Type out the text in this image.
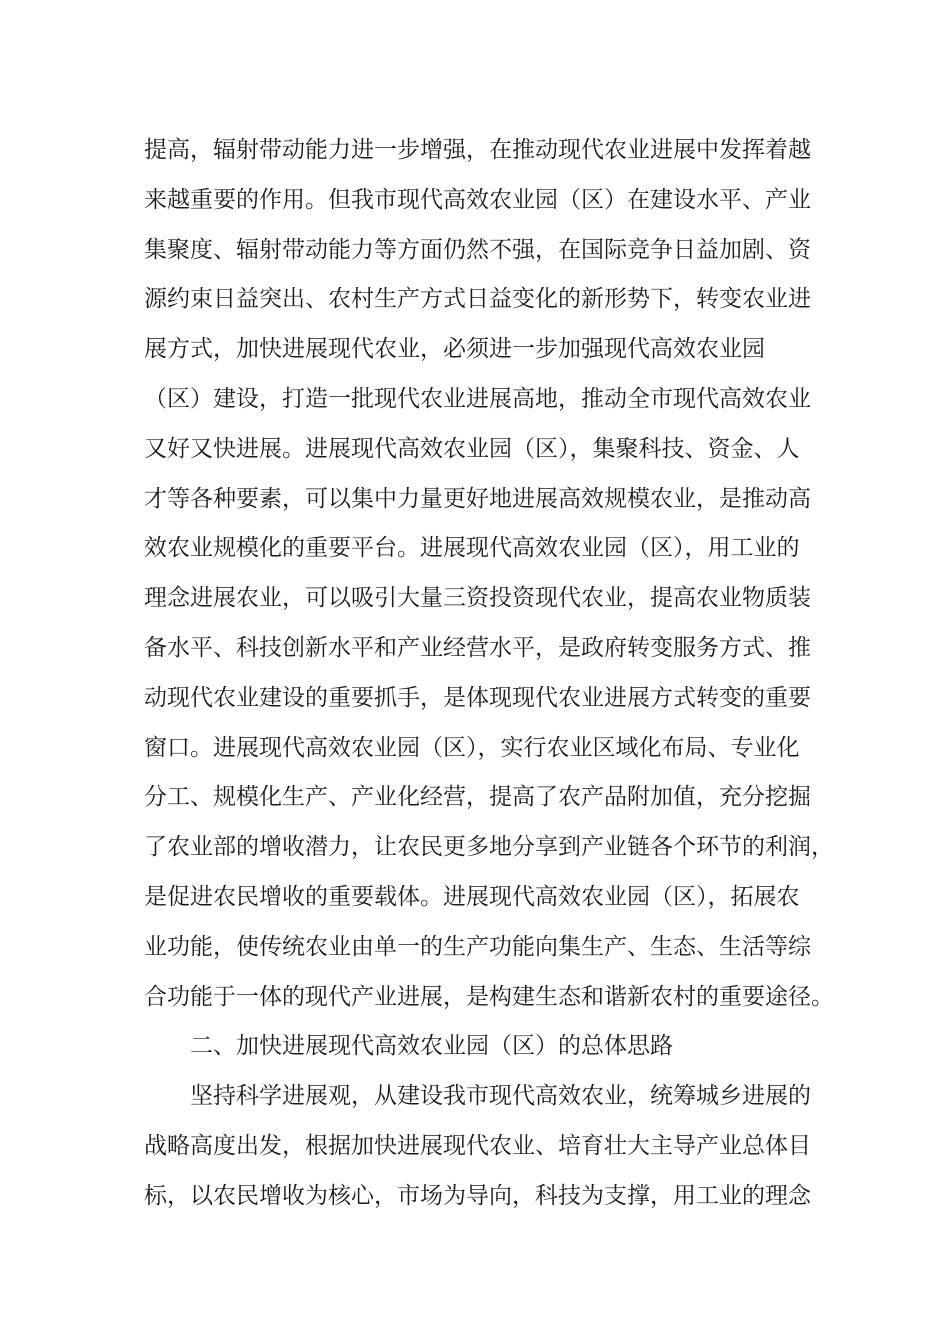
提高，辐射带动能力进一步增强，在推动现代农业进展中发挥着越
来越重要的作用。但我市现代高效农业园（区）在建设水平、产业
集聚度、辐射带动能力等方面仍然不强，在国际竞争日益加剧、资
源约束日益突出、农村生产方式日益变化的新形势下，转变农业进
展方式，加快进展现代农业，必须进一步加强现代高效农业园
（区）建设，打造一批现代农业进展高地，推动全市现代高效农业
又好又快进展。进展现代高效农业园（区），集聚科技、资金、人
才等各种要素，可以集中力量更好地进展高效规模农业，是推动高
效农业规模化的重要平台。进展现代高效农业园（区），用工业的
理念进展农业，可以吸引大量三资投资现代农业，提高农业物质装
备水平、科技创新水平和产业经营水平，是政府转变服务方式、推
动现代农业建设的重要抓手，是体现现代农业进展方式转变的重要
窗口。进展现代高效农业园（区），实行农业区域化布局、专业化
分工、规模化生产、产业化经营，提高了农产品附加值，充分挖掘
了农业部的增收潜力，让农民更多地分享到产业链各个环节的利润，
是促进农民增收的重要载体。进展现代高效农业园（区），拓展农
业功能，使传统农业由单一的生产功能向集生产、生态、生活等综
合功能于一体的现代产业进展，是构建生态和谐新农村的重要途径。
二、加快进展现代高效农业园（区）的总体思路
坚持科学进展观，从建设我市现代高效农业，统筹城乡进展的
战略高度出发，根据加快进展现代农业、培育壮大主导产业总体目
标，以农民增收为核心，市场为导向，科技为支撑，用工业的理念
